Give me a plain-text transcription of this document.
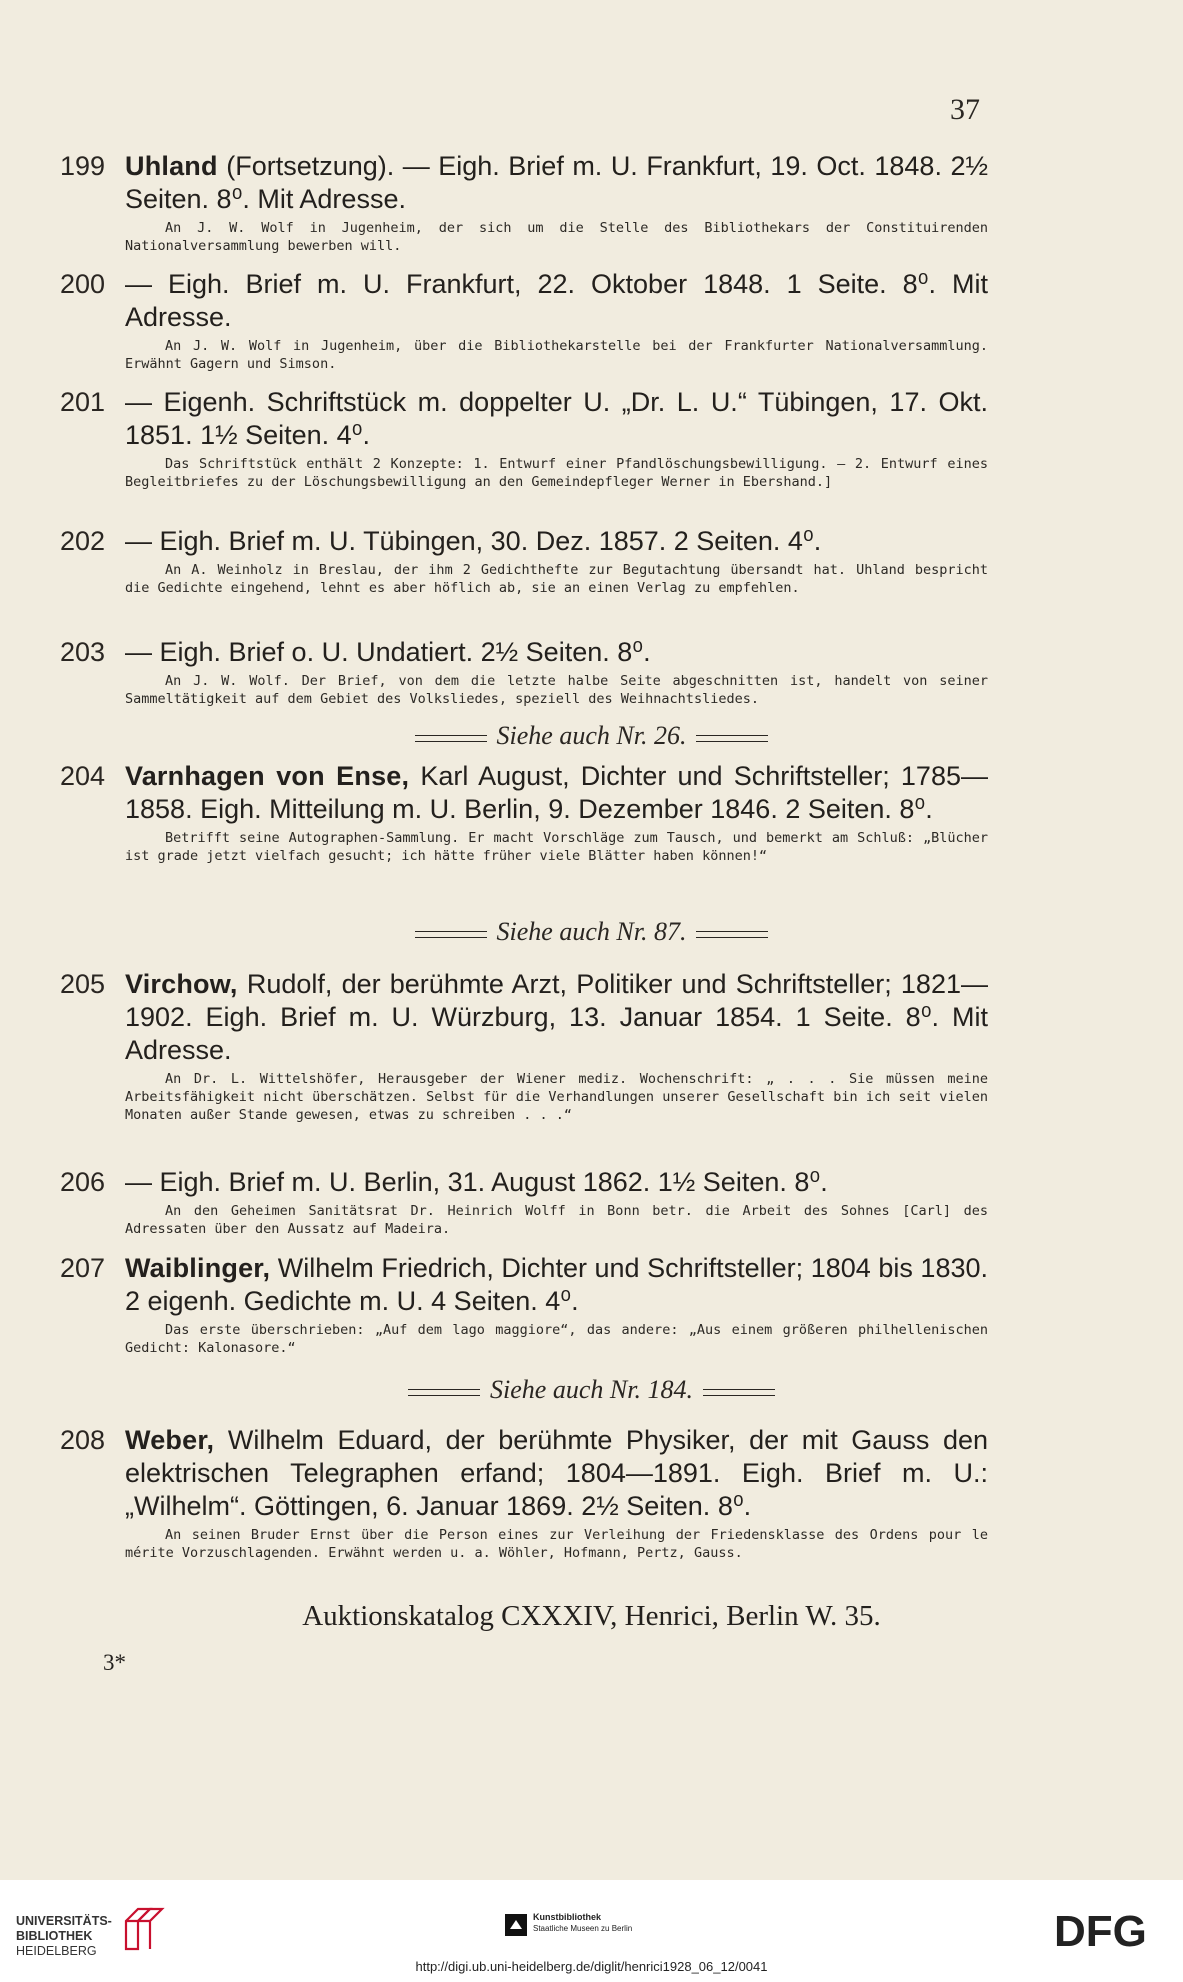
37
199 Uhland (Fortsetzung). — Eigh. Brief m. U. Frankfurt, 19. Oct. 1848. 2½ Seiten. 8⁰. Mit Adresse.
An J. W. Wolf in Jugenheim, der sich um die Stelle des Bibliothekars der Constituirenden Nationalversammlung bewerben will.
200 — Eigh. Brief m. U. Frankfurt, 22. Oktober 1848. 1 Seite. 8⁰. Mit Adresse.
An J. W. Wolf in Jugenheim, über die Bibliothekarstelle bei der Frankfurter Nationalversammlung. Erwähnt Gagern und Simson.
201 — Eigenh. Schriftstück m. doppelter U. „Dr. L. U.“ Tübingen, 17. Okt. 1851. 1½ Seiten. 4⁰.
Das Schriftstück enthält 2 Konzepte: 1. Entwurf einer Pfandlöschungsbewilligung. — 2. Entwurf eines Begleitbriefes zu der Löschungsbewilligung an den Gemeindepfleger Werner in Ebershand.]
202 — Eigh. Brief m. U. Tübingen, 30. Dez. 1857. 2 Seiten. 4⁰.
An A. Weinholz in Breslau, der ihm 2 Gedichthefte zur Begutachtung übersandt hat. Uhland bespricht die Gedichte eingehend, lehnt es aber höflich ab, sie an einen Verlag zu empfehlen.
203 — Eigh. Brief o. U. Undatiert. 2½ Seiten. 8⁰.
An J. W. Wolf. Der Brief, von dem die letzte halbe Seite abgeschnitten ist, handelt von seiner Sammeltätigkeit auf dem Gebiet des Volksliedes, speziell des Weihnachtsliedes.
204 Varnhagen von Ense, Karl August, Dichter und Schriftsteller; 1785—1858. Eigh. Mitteilung m. U. Berlin, 9. Dezember 1846. 2 Seiten. 8⁰.
Betrifft seine Autographen-Sammlung. Er macht Vorschläge zum Tausch, und bemerkt am Schluß: „Blücher ist grade jetzt vielfach gesucht; ich hätte früher viele Blätter haben können!“
205 Virchow, Rudolf, der berühmte Arzt, Politiker und Schriftsteller; 1821—1902. Eigh. Brief m. U. Würzburg, 13. Januar 1854. 1 Seite. 8⁰. Mit Adresse.
An Dr. L. Wittelshöfer, Herausgeber der Wiener mediz. Wochenschrift: „ . . . Sie müssen meine Arbeitsfähigkeit nicht überschätzen. Selbst für die Verhandlungen unserer Gesellschaft bin ich seit vielen Monaten außer Stande gewesen, etwas zu schreiben . . .“
206 — Eigh. Brief m. U. Berlin, 31. August 1862. 1½ Seiten. 8⁰.
An den Geheimen Sanitätsrat Dr. Heinrich Wolff in Bonn betr. die Arbeit des Sohnes [Carl] des Adressaten über den Aussatz auf Madeira.
207 Waiblinger, Wilhelm Friedrich, Dichter und Schriftsteller; 1804 bis 1830. 2 eigenh. Gedichte m. U. 4 Seiten. 4⁰.
Das erste überschrieben: „Auf dem lago maggiore“, das andere: „Aus einem größeren philhellenischen Gedicht: Kalonasore.“
208 Weber, Wilhelm Eduard, der berühmte Physiker, der mit Gauss den elektrischen Telegraphen erfand; 1804—1891. Eigh. Brief m. U.: „Wilhelm“. Göttingen, 6. Januar 1869. 2½ Seiten. 8⁰.
An seinen Bruder Ernst über die Person eines zur Verleihung der Friedensklasse des Ordens pour le mérite Vorzuschlagenden. Erwähnt werden u. a. Wöhler, Hofmann, Pertz, Gauss.
Siehe auch Nr. 26.
Siehe auch Nr. 87.
Siehe auch Nr. 184.
Auktionskatalog CXXXIV, Henrici, Berlin W. 35.
3*
UNIVERSITÄTS-
BIBLIOTHEK
HEIDELBERG
Kunstbibliothek
Staatliche Museen zu Berlin	DFG
http://digi.ub.uni-heidelberg.de/diglit/henrici1928_06_12/0041
